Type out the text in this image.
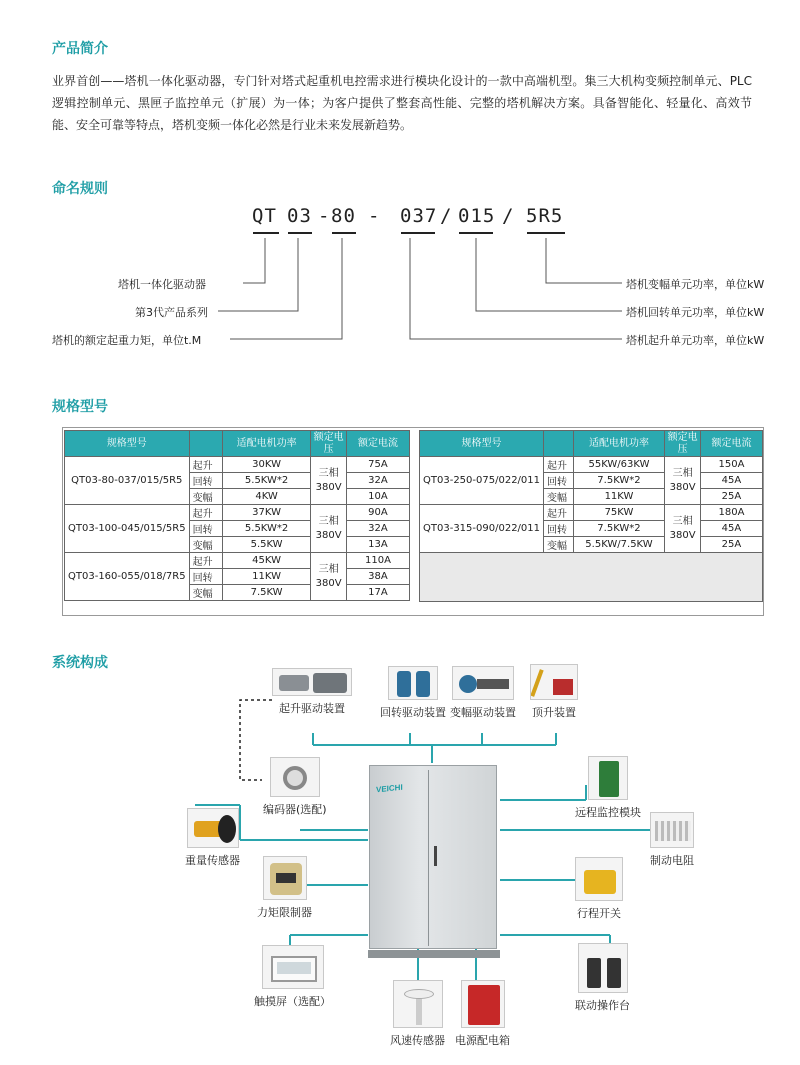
产品简介

业界首创——塔机一体化驱动器，专门针对塔式起重机电控需求进行模块化设计的一款中高端机型。集三大机构变频控制单元、PLC逻辑控制单元、黑匣子监控单元（扩展）为一体；为客户提供了整套高性能、完整的塔机解决方案。具备智能化、轻量化、高效节能、安全可靠等特点，塔机变频一体化必然是行业未来发展新趋势。

命名规则
QT 03 - 80 - 037 / 015 / 5R5
塔机一体化驱动器
第3代产品系列
塔机的额定起重力矩，单位t.M
塔机变幅单元功率，单位kW
塔机回转单元功率，单位kW
塔机起升单元功率，单位kW
规格型号
规格型号		适配电机功率	额定电压	额定电流
QT03-80-037/015/5R5	起升	30KW	三相380V	75A
	回转	5.5KW*2		32A
	变幅	4KW		10A
QT03-100-045/015/5R5	起升	37KW	三相380V	90A
	回转	5.5KW*2		32A
	变幅	5.5KW		13A
QT03-160-055/018/7R5	起升	45KW	三相380V	110A
	回转	11KW		38A
	变幅	7.5KW		17A
规格型号		适配电机功率	额定电压	额定电流
QT03-250-075/022/011	起升	55KW/63KW	三相380V	150A
	回转	7.5KW*2		45A
	变幅	11KW		25A
QT03-315-090/022/011	起升	75KW	三相380V	180A
	回转	7.5KW*2		45A
	变幅	5.5KW/7.5KW		25A

系统构成
VEICHI
起升驱动装置	回转驱动装置 变幅驱动装置 顶升装置
编码器(选配)
重量传感器
力矩限制器
触摸屏（选配）
远程监控模块
制动电阻
行程开关
联动操作台
风速传感器 电源配电箱
